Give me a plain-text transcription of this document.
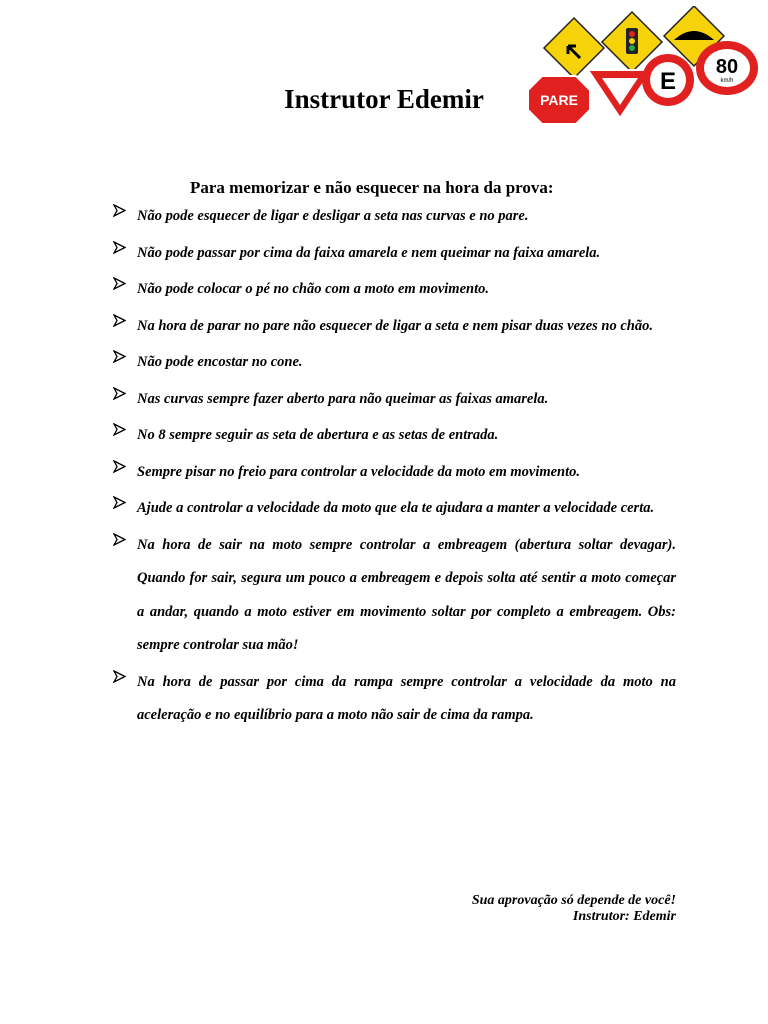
Instrutor Edemir	PARE
E
80
km/h

Para memorizar e não esquecer na hora da prova:

Não pode esquecer de ligar e desligar a seta nas curvas e no pare.
Não pode passar por cima da faixa amarela e nem queimar na faixa amarela.
Não pode colocar o pé no chão com a moto em movimento.
Na hora de parar no pare não esquecer de ligar a seta e nem pisar duas vezes no chão.
Não pode encostar no cone.
Nas curvas sempre fazer aberto para não queimar as faixas amarela.
No 8 sempre seguir as seta de abertura e as setas de entrada.
Sempre pisar no freio para controlar a velocidade da moto em movimento.
Ajude a controlar a velocidade da moto que ela te ajudara a manter a velocidade certa.
Na hora de sair na moto sempre controlar a embreagem (abertura soltar devagar). Quando for sair, segura um pouco a embreagem e depois solta até sentir a moto começar a andar, quando a moto estiver em movimento soltar por completo a embreagem. Obs: sempre controlar sua mão!
Na hora de passar por cima da rampa sempre controlar a velocidade da moto na aceleração e no equilíbrio para a moto não sair de cima da rampa.
Sua aprovação só depende de você!
Instrutor: Edemir
